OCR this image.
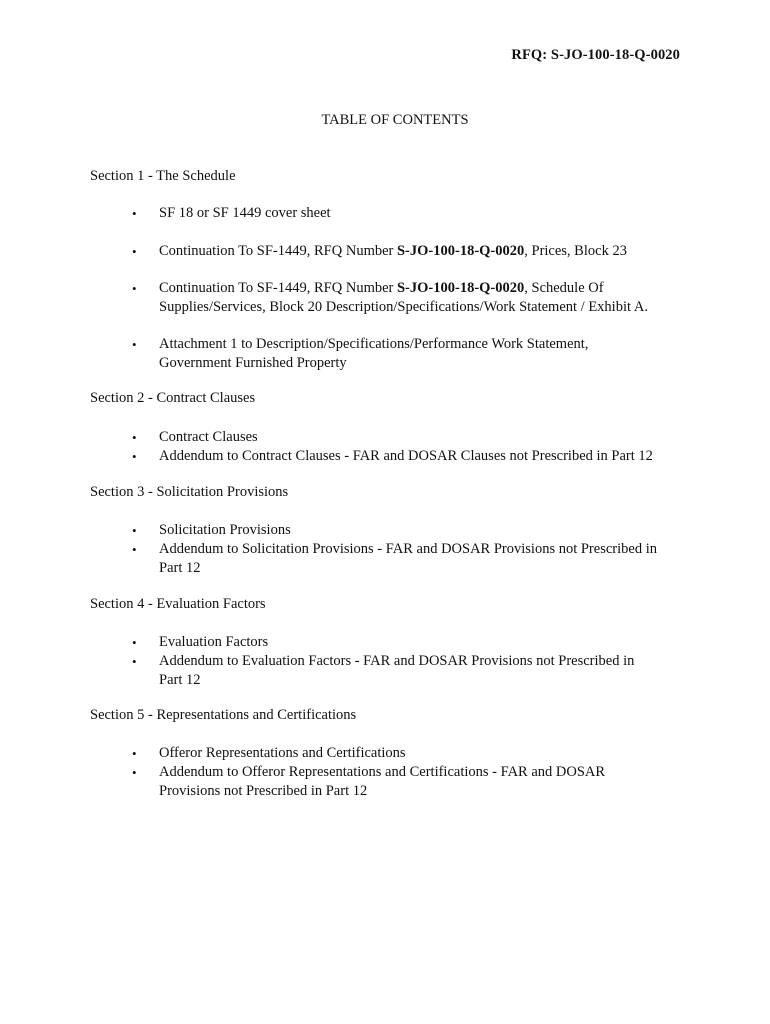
RFQ: S-JO-100-18-Q-0020
TABLE OF CONTENTS
Section 1 - The Schedule
•	SF 18 or SF 1449 cover sheet
•	Continuation To SF-1449, RFQ Number S-JO-100-18-Q-0020, Prices, Block 23
•	Continuation To SF-1449, RFQ Number S-JO-100-18-Q-0020, Schedule Of
Supplies/Services, Block 20 Description/Specifications/Work Statement / Exhibit A.
•	Attachment 1 to Description/Specifications/Performance Work Statement,
Government Furnished Property
Section 2 - Contract Clauses
•	Contract Clauses
•	Addendum to Contract Clauses - FAR and DOSAR Clauses not Prescribed in Part 12
Section 3 - Solicitation Provisions
•	Solicitation Provisions
•	Addendum to Solicitation Provisions - FAR and DOSAR Provisions not Prescribed in
Part 12
Section 4 - Evaluation Factors
•	Evaluation Factors
•	Addendum to Evaluation Factors - FAR and DOSAR Provisions not Prescribed in
Part 12
Section 5 - Representations and Certifications
•	Offeror Representations and Certifications
•	Addendum to Offeror Representations and Certifications - FAR and DOSAR
Provisions not Prescribed in Part 12
